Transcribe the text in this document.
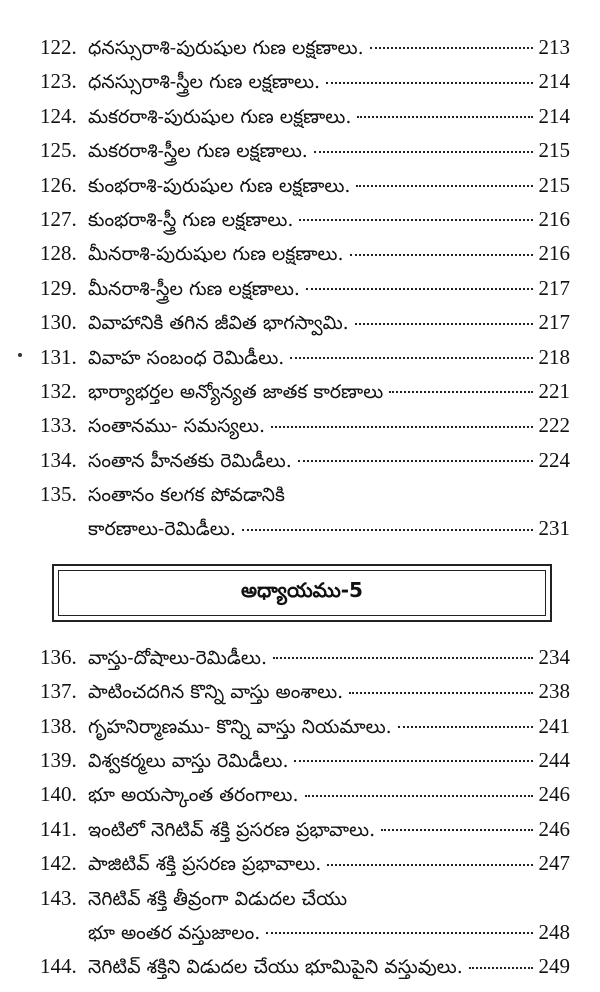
122. ధనస్సురాశి-పురుషుల గుణ లక్షణాలు.	213
123. ధనస్సురాశి-స్త్రీల గుణ లక్షణాలు.	214
124. మకరరాశి-పురుషుల గుణ లక్షణాలు.	214
125. మకరరాశి-స్త్రీల గుణ లక్షణాలు.	215
126. కుంభరాశి-పురుషుల గుణ లక్షణాలు.	215
127. కుంభరాశి-స్త్రీ గుణ లక్షణాలు.	216
128. మీనరాశి-పురుషుల గుణ లక్షణాలు.	216
129. మీనరాశి-స్త్రీల గుణ లక్షణాలు.	217
130. వివాహానికి తగిన జీవిత భాగస్వామి.	217
131. వివాహ సంబంధ రెమిడీలు.	218
132. భార్యాభర్తల అన్యోన్యత జాతక కారణాలు	221
133. సంతానము- సమస్యలు.	222
134. సంతాన హీనతకు రెమిడీలు.	224
135. సంతానం కలగక పోవడానికి
కారణాలు-రెమిడీలు.	231
అధ్యాయము-5
136. వాస్తు-దోషాలు-రెమిడీలు.	234
137. పాటించదగిన కొన్ని వాస్తు అంశాలు.	238
138. గృహనిర్మాణము- కొన్ని వాస్తు నియమాలు.	241
139. విశ్వకర్మలు వాస్తు రెమిడీలు.	244
140. భూ అయస్కాంత తరంగాలు.	246
141. ఇంటిలో నెగిటివ్ శక్తి ప్రసరణ ప్రభావాలు.	246
142. పాజిటివ్ శక్తి ప్రసరణ ప్రభావాలు.	247
143. నెగిటివ్ శక్తి తీవ్రంగా విడుదల చేయు
భూ అంతర వస్తుజాలం.	248
144. నెగిటివ్ శక్తిని విడుదల చేయు భూమిపైని వస్తువులు.	249
